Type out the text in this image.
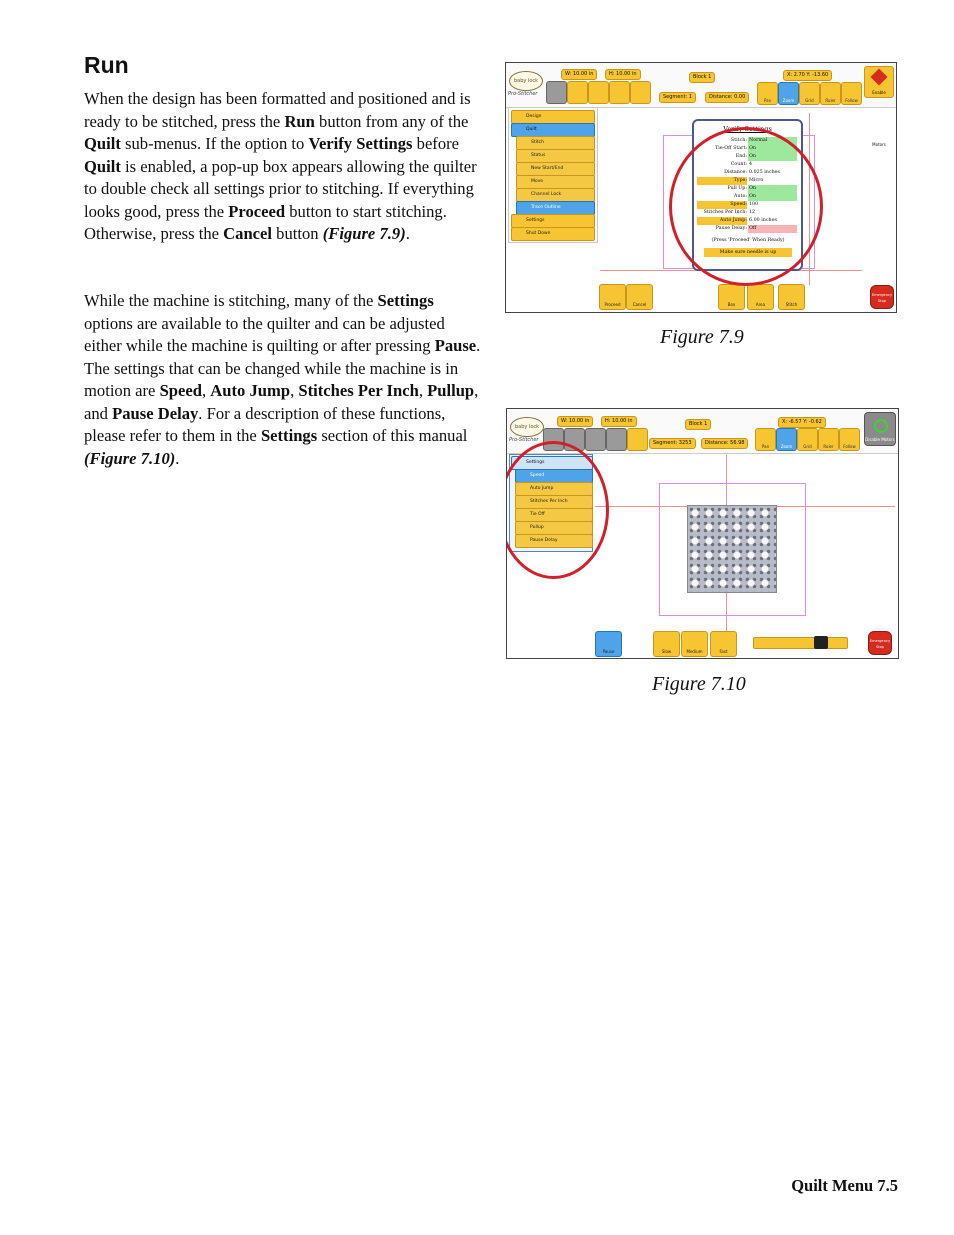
Run

When the design has been formatted and positioned and is ready to be stitched, press the Run button from any of the Quilt sub-menus. If the option to Verify Settings before Quilt is enabled, a pop-up box appears allowing the quilter to double check all settings prior to stitching. If everything looks good, press the Proceed button to start stitching. Otherwise, press the Cancel button (Figure 7.9).

While the machine is stitching, many of the Settings options are available to the quilter and can be adjusted either while the machine is quilting or after pressing Pause. The settings that can be changed while the machine is in motion are Speed, Auto Jump, Stitches Per Inch, Pullup, and Pause Delay. For a description of these functions, please refer to them in the Settings section of this manual (Figure 7.10).

baby lock
Pro-Stitcher
W: 10.00 in	H: 10.00 in	Block 1	X: 2.70 Y: -13.60
Segment: 1	Distance: 0.00
Pan	Zoom	Grid	Ruler	Follow
Enable Motors
Design
Quilt
Stitch
Status
New Start/End
Move
Channel Lock
Trace Outline
Settings
Shut Down
Verify Settings
Stitch: Normal
Tie-Off Start: On
End: On
Count: 4
Distance: 0.025 inches
Type: Micro
Pull Up: On
Auto: On
Speed: 100
Stitches Per Inch: 12
Auto Jump: 6.00 inches
Pause Delay: Off
(Press 'Proceed' When Ready)
Make sure needle is up
Proceed	Cancel	Box	Area	Stitch
Emergency Stop
Figure 7.9
baby lock
Pro-Stitcher
W: 10.00 in	H: 10.00 in	Block 1	X: -6.57 Y: -0.62
Segment: 3253	Distance: 56.98
Pan	Zoom	Grid	Ruler	Follow
Disable Motors
Settings
Speed
Auto Jump
Stitches Per Inch
Tie Off
Pullup
Pause Delay
Pause	Slow	Medium	Fast
Emergency Stop
Figure 7.10
Quilt Menu 7.5
